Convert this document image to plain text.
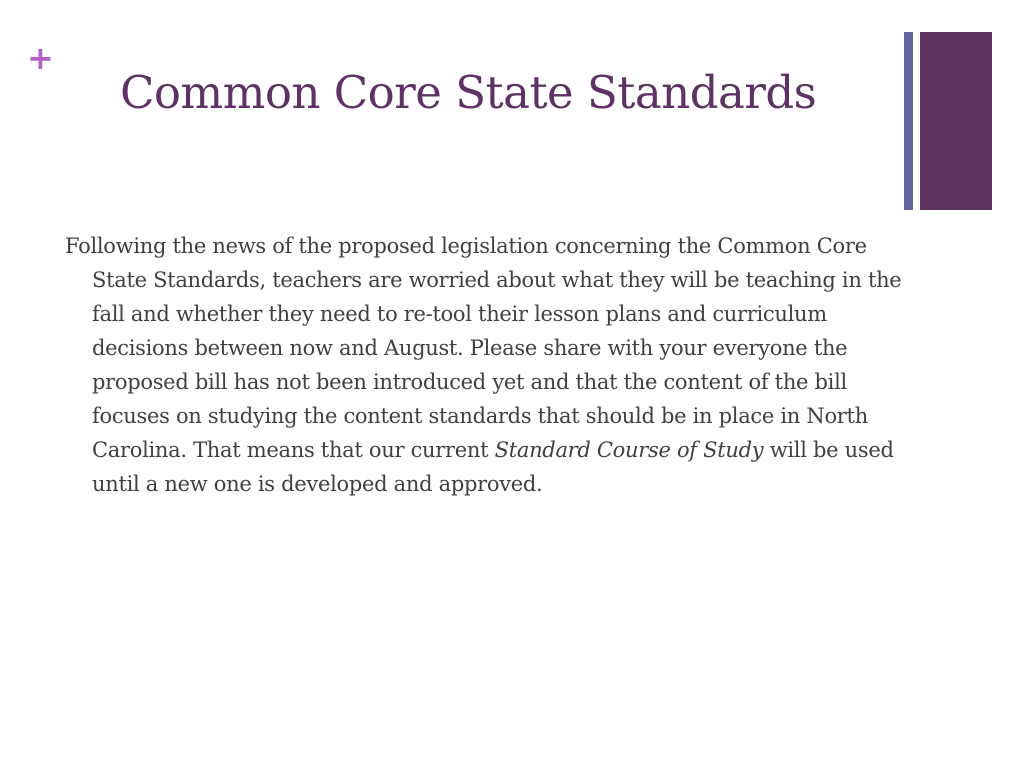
+
Common Core State Standards

Following the news of the proposed legislation concerning the Common Core State Standards, teachers are worried about what they will be teaching in the fall and whether they need to re-tool their lesson plans and curriculum decisions between now and August. Please share with your everyone the proposed bill has not been introduced yet and that the content of the bill focuses on studying the content standards that should be in place in North Carolina. That means that our current Standard Course of Study will be used until a new one is developed and approved.
